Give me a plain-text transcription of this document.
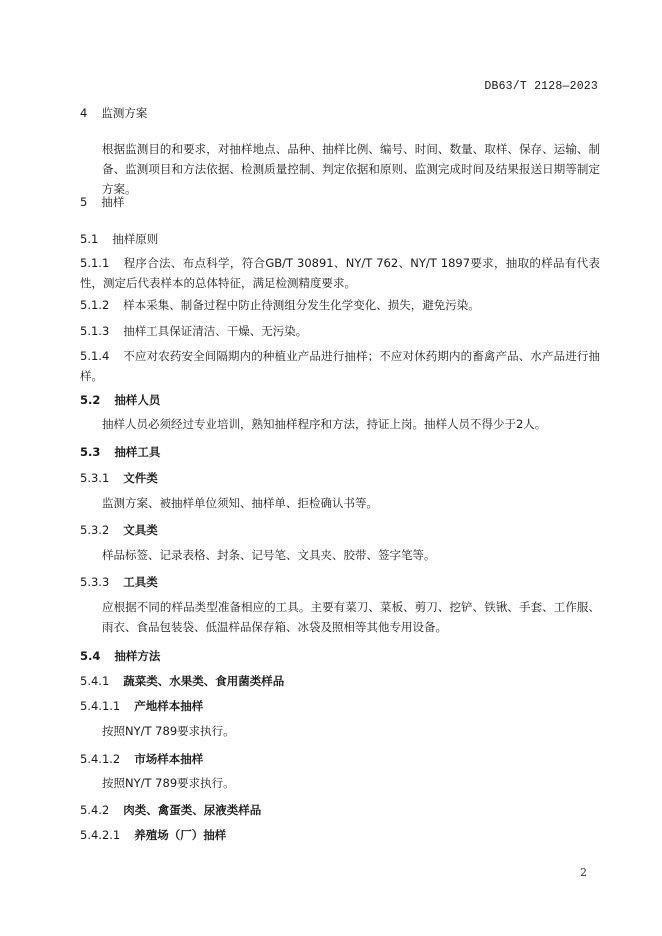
DB63/T 2128—2023
4 监测方案
根据监测目的和要求，对抽样地点、品种、抽样比例、编号、时间、数量、取样、保存、运输、制备、监测项目和方法依据、检测质量控制、判定依据和原则、监测完成时间及结果报送日期等制定方案。
5 抽样
5.1 抽样原则
5.1.1 程序合法、布点科学，符合GB/T 30891、NY/T 762、NY/T 1897要求，抽取的样品有代表性，测定后代表样本的总体特征，满足检测精度要求。
5.1.2 样本采集、制备过程中防止待测组分发生化学变化、损失，避免污染。
5.1.3 抽样工具保证清洁、干燥、无污染。
5.1.4 不应对农药安全间隔期内的种植业产品进行抽样；不应对休药期内的畜禽产品、水产品进行抽样。
5.2 抽样人员
抽样人员必须经过专业培训，熟知抽样程序和方法，持证上岗。抽样人员不得少于2人。
5.3 抽样工具
5.3.1 文件类
监测方案、被抽样单位须知、抽样单、拒检确认书等。
5.3.2 文具类
样品标签、记录表格、封条、记号笔、文具夹、胶带、签字笔等。
5.3.3 工具类
应根据不同的样品类型准备相应的工具。主要有菜刀、菜板、剪刀、挖铲、铁锹、手套、工作服、雨衣、食品包装袋、低温样品保存箱、冰袋及照相等其他专用设备。
5.4 抽样方法
5.4.1 蔬菜类、水果类、食用菌类样品
5.4.1.1 产地样本抽样
按照NY/T 789要求执行。
5.4.1.2 市场样本抽样
按照NY/T 789要求执行。
5.4.2 肉类、禽蛋类、尿液类样品
5.4.2.1 养殖场（厂）抽样
2
